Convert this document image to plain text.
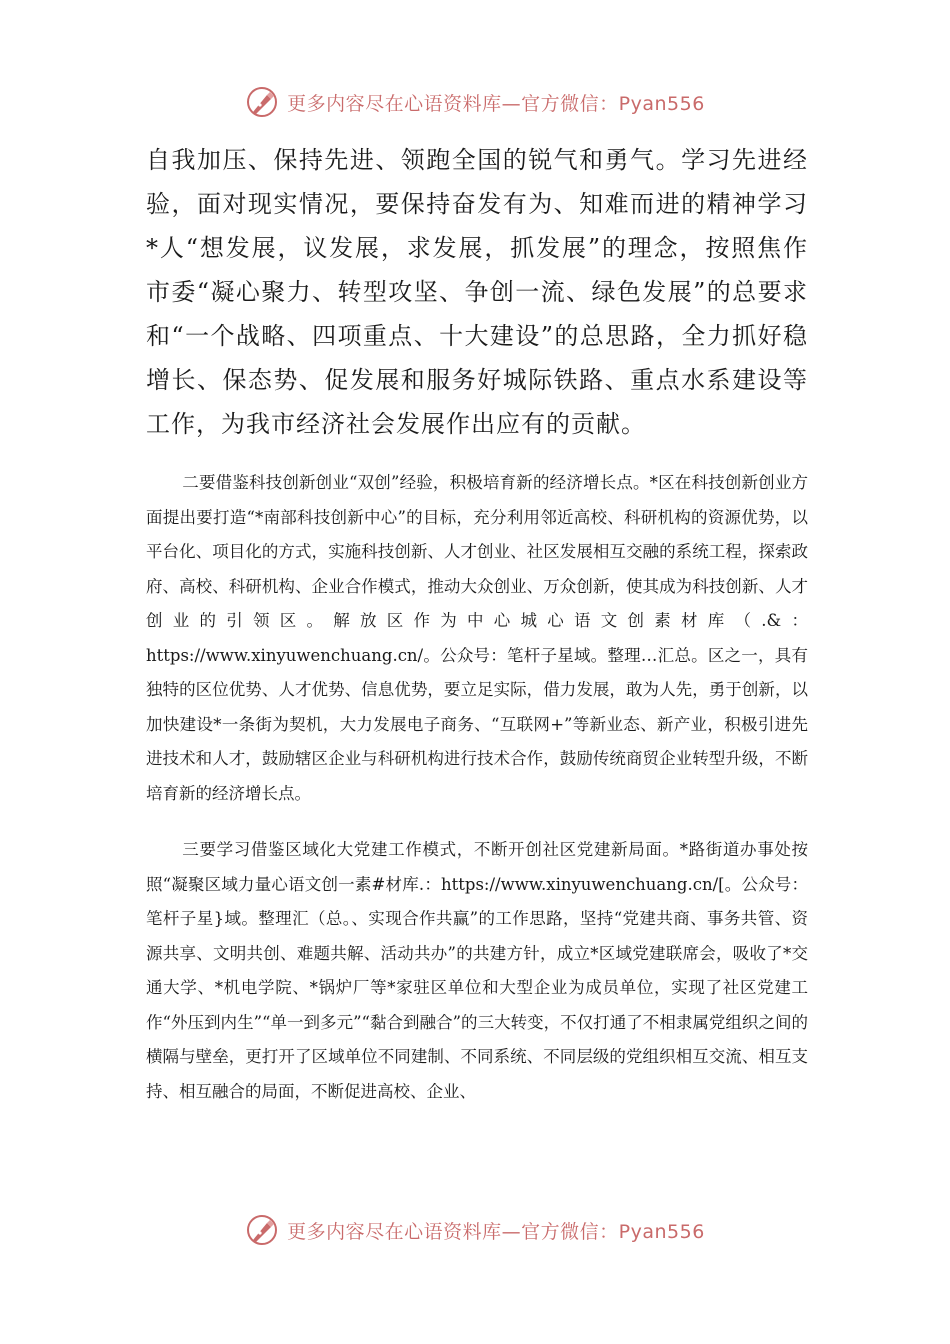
更多内容尽在心语资料库—官方微信：Pyan556

自我加压、保持先进、领跑全国的锐气和勇气。学习先进经验，面对现实情况，要保持奋发有为、知难而进的精神学习*人“想发展，议发展，求发展，抓发展”的理念，按照焦作市委“凝心聚力、转型攻坚、争创一流、绿色发展”的总要求和“一个战略、四项重点、十大建设”的总思路，全力抓好稳增长、保态势、促发展和服务好城际铁路、重点水系建设等工作，为我市经济社会发展作出应有的贡献。

二要借鉴科技创新创业“双创”经验，积极培育新的经济增长点。*区在科技创新创业方面提出要打造“*南部科技创新中心”的目标，充分利用邻近高校、科研机构的资源优势，以平台化、项目化的方式，实施科技创新、人才创业、社区发展相互交融的系统工程，探索政府、高校、科研机构、企业合作模式，推动大众创业、万众创新，使其成为科技创新、人才创业的引领区。解放区作为中心城心语文创素材库（.&：https://www.xinyuwenchuang.cn/。公众号：笔杆子星域。整理…汇总。区之一，具有独特的区位优势、人才优势、信息优势，要立足实际，借力发展，敢为人先，勇于创新，以加快建设*一条街为契机，大力发展电子商务、“互联网+”等新业态、新产业，积极引进先进技术和人才，鼓励辖区企业与科研机构进行技术合作，鼓励传统商贸企业转型升级，不断培育新的经济增长点。

三要学习借鉴区域化大党建工作模式，不断开创社区党建新局面。*路街道办事处按照“凝聚区域力量心语文创一素#材库.：https://www.xinyuwenchuang.cn/[。公众号：笔杆子星}域。整理汇（总。、实现合作共赢”的工作思路，坚持“党建共商、事务共管、资源共享、文明共创、难题共解、活动共办”的共建方针，成立*区域党建联席会，吸收了*交通大学、*机电学院、*锅炉厂等*家驻区单位和大型企业为成员单位，实现了社区党建工作“外压到内生”“单一到多元”“黏合到融合”的三大转变，不仅打通了不相隶属党组织之间的横隔与壁垒，更打开了区域单位不同建制、不同系统、不同层级的党组织相互交流、相互支持、相互融合的局面，不断促进高校、企业、

更多内容尽在心语资料库—官方微信：Pyan556
